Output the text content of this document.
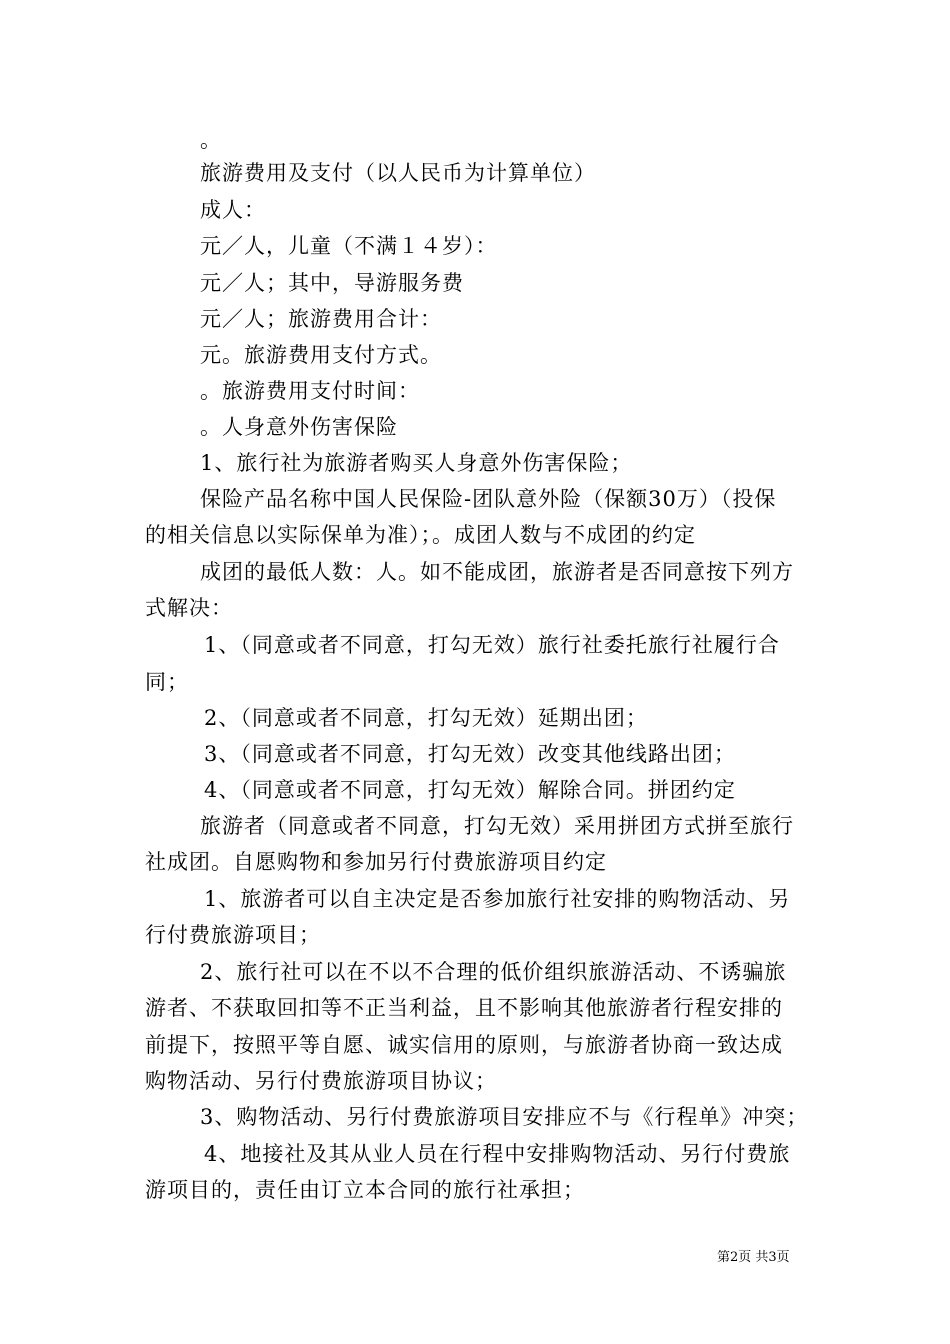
。
旅游费用及支付（以人民币为计算单位）
成人：
元／人，儿童（不满１４岁）：
元／人；其中，导游服务费
元／人；旅游费用合计：
元。旅游费用支付方式。
。旅游费用支付时间：
。人身意外伤害保险
1、旅行社为旅游者购买人身意外伤害保险；
保险产品名称中国人民保险-团队意外险（保额30万）（投保
的相关信息以实际保单为准）；。成团人数与不成团的约定
成团的最低人数：人。如不能成团，旅游者是否同意按下列方
式解决：
1、（同意或者不同意，打勾无效）旅行社委托旅行社履行合
同；
2、（同意或者不同意，打勾无效）延期出团；
3、（同意或者不同意，打勾无效）改变其他线路出团；
4、（同意或者不同意，打勾无效）解除合同。拼团约定
旅游者（同意或者不同意，打勾无效）采用拼团方式拼至旅行
社成团。自愿购物和参加另行付费旅游项目约定
1、旅游者可以自主决定是否参加旅行社安排的购物活动、另
行付费旅游项目；
2、旅行社可以在不以不合理的低价组织旅游活动、不诱骗旅
游者、不获取回扣等不正当利益，且不影响其他旅游者行程安排的
前提下，按照平等自愿、诚实信用的原则，与旅游者协商一致达成
购物活动、另行付费旅游项目协议；
3、购物活动、另行付费旅游项目安排应不与《行程单》冲突；
4、地接社及其从业人员在行程中安排购物活动、另行付费旅
游项目的，责任由订立本合同的旅行社承担；
第2页 共3页
